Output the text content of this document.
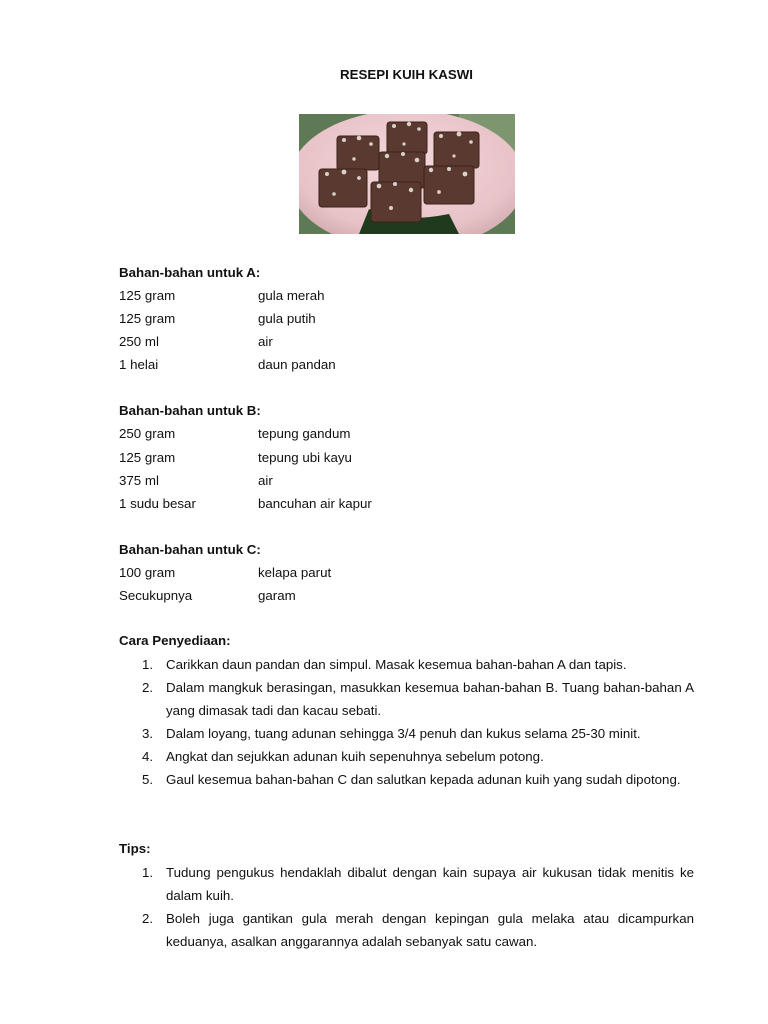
RESEPI KUIH KASWI
Bahan-bahan untuk A:
125 gram	gula merah
125 gram	gula putih
250 ml	air
1 helai	daun pandan
Bahan-bahan untuk B:
250 gram	tepung gandum
125 gram	tepung ubi kayu
375 ml	air
1 sudu besar	bancuhan air kapur
Bahan-bahan untuk C:
100 gram	kelapa parut
Secukupnya	garam
Cara Penyediaan:
1. Carikkan daun pandan dan simpul. Masak kesemua bahan-bahan A dan tapis.
2. Dalam mangkuk berasingan, masukkan kesemua bahan-bahan B. Tuang bahan-bahan A yang dimasak tadi dan kacau sebati.
3. Dalam loyang, tuang adunan sehingga 3/4 penuh dan kukus selama 25-30 minit.
4. Angkat dan sejukkan adunan kuih sepenuhnya sebelum potong.
5. Gaul kesemua bahan-bahan C dan salutkan kepada adunan kuih yang sudah dipotong.
Tips:
1. Tudung pengukus hendaklah dibalut dengan kain supaya air kukusan tidak menitis ke dalam kuih.
2. Boleh juga gantikan gula merah dengan kepingan gula melaka atau dicampurkan keduanya, asalkan anggarannya adalah sebanyak satu cawan.
